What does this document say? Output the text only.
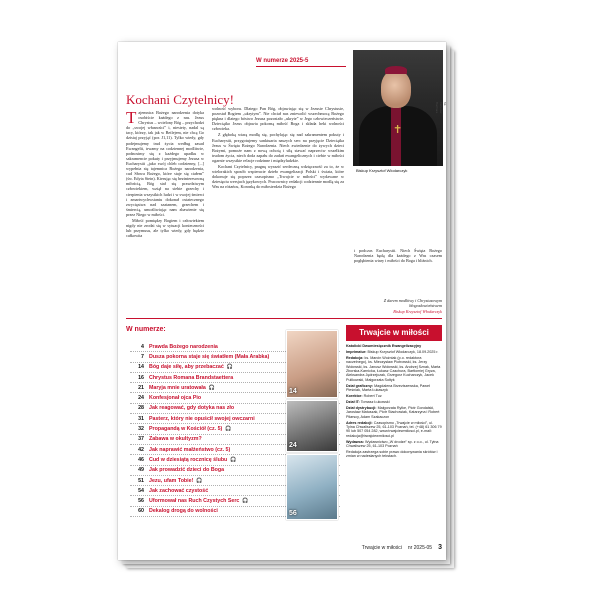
W numerze 2025-5
✝
fot. Ireneusz Bachara
Biskup Krzysztof Włodarczyk
Kochani Czytelnicy!
T ajemnica Bożego narodzenia dotyka osobiście każdego z nas. Jezus Chrystus – wcielony Bóg – przychodzi do „swojej własności” i, niestety, nadal są tacy, którzy, tak jak w Betlejem, nie chcą Go dzisiaj przyjąć (por. J1,11). Tylko wtedy, gdy podejmujemy trud życia według zasad Ewangelii, trwamy na codziennej modlitwie, podnosimy się z każdego upadku w sakramencie pokuty i przyjmujemy Jezusa w Eucharystii „jako swój chleb codzienny, [...] wypełnia się tajemnica Bożego narodzenia, cud Słowa Bożego, które staje się ciałem” (św. Edyta Stein). Kierując się bezinteresowną miłością, Bóg stał się prawdziwym człowiekiem, wziął na siebie grzechy i cierpienia wszystkich ludzi i w swojej śmierci i zmartwychwstaniu dokonał ostatecznego zwycięstwa nad szatanem, grzechem i śmiercią, umożliwiając nam zbawienie się przez Niego w miłości.
Miłość pomiędzy Bogiem i człowiekiem nigdy nie zrodzi się w sytuacji konieczności lub przymusu, ale tylko wtedy, gdy będzie całkowita
wolność wyboru. Dlatego Pan Bóg, objawiając się w Jezusie Chrystusie, pozostał Bogiem „ukrytym”. Nie chciał nas zniewolić wszechmocą Bożego piękna i dlatego bóstwo Jezusa pozostało „ukryte” w Jego człowieczeństwie. Dzieciątko Jezus objawia pokorną miłość Boga i składa heki wolności człowieka.
Z głęboką wiarą modlę się, pochylając się nad sakramentem pokuty i Eucharystii, przygotujemy sanktuaria naszych serc na przyjęcie Dzieciątka Jezus w Święta Bożego Narodzenia. Niech zwiedzenie do żywych dzieci Bożymi, pomoże nam z nową ochotą i siłą stawać naprzeciw wszelkim trudom życia, niech doda zapału do zadań ewangelicznych i ciebie w miłości ogarnie wszystkie relacje rodzinne i międzyludzkie.
Kochani Czytelnicy, pragnę wyrazić serdeczną wdzięczność za to, że w wielorakich sposób wspieracie dzieło ewangelizacji Polski i świata, które dokonuje się poprzez czasopismo „Trwajcie w miłości” wydawane w dziesięciu wersjach językowych. Pracownicy redakcji codziennie modlą się za Was na różańcu, Koronką do miłosierdzia Bożego
i podczas Eucharystii. Niech Święta Bożego Narodzenia będą dla każdego z Was czasem pogłębienia wiary i miłości do Boga i bliźnich.
Z darem modlitwy i Chrystusowym
błogosławieństwem
Biskup Krzysztof Włodarczyk
W numerze:
4 Prawda Bożego narodzenia
7 Dusza pokorna staje się światłem (Mała Arabka)
14 Bóg daje siłę, aby przebaczać 🎧
16 Chrystus Romana Brandstaettera
21 Maryja mnie uratowała 🎧
24 Konfesjonał ojca Pio
28 Jak reagować, gdy dotyka nas zło
31 Pasterz, który nie opuścił swojej owczarni
32 Propagandą w Kościół (cz. 5) 🎧
37 Zabawa w okultyzm?
42 Jak naprawić małżeństwo (cz. 5)
46 Cud w dziesiątą rocznicę ślubu 🎧
49 Jak prowadzić dzieci do Boga
51 Jezu, ufam Tobie! 🎧
54 Jak zachować czystość
56 Uformował nas Ruch Czystych Serc 🎧
60 Dekalog drogą do wolności
14
24
56
Trwajcie w miłości

Katolicki Dwumiesięcznik Ewangelizacyjny

Imprimatur: Biskup Krzysztof Włodarczyk, 18.09.2025 r.

Redakcja: ks. Marcin Woźniak (p.o. redaktora naczelnego), ks. Mieczysław Piotrowski, ks. Jerzy Wołowski, ks. Janusz Wołowski, ks. Andrzej Sznak, Marta Zborska-Karnicka, Łukasz Czachura, Bartłomiej Gryza, Aleksandra Jędrzejczak, Grzegorz Kucharczyk, Jacek Pulikowski, Małgorzata Sołtyk

Dział graficzny: Magdalena Brzeziszewska, Paweł Pleśniak, Marta Łukaszyk

Korektor: Robert Tuz

Dział IT: Tomasz Łukowski

Dział dystrybucji: Małgorzata Rylke, Piotr Gondalski, Jarosław Matuszak, Piotr Stachowiak, Katarzyna i Robert Piłarscy, Adam Szakaczon

Adres redakcji: Czasopismo „Trwajcie w miłości”, ul. Tylna Chwaliszew 25, 61-103 Poznań, tel. (+48) 61 306 79 90 lub 507 054 282, www.trwajciewmilosci.pl, e-mail: redakcja@trwajciewmilosci.pl

Wydawca: Wydawnictwo „W drodze” sp. z o.o., ul. Tylna Chwaliszew 25, 61-103 Poznań

Redakcja zastrzega sobie prawo dokonywania skrótów i zmian w nadesłanych tekstach.

Trwajcie w miłości nr 2025-05 3
